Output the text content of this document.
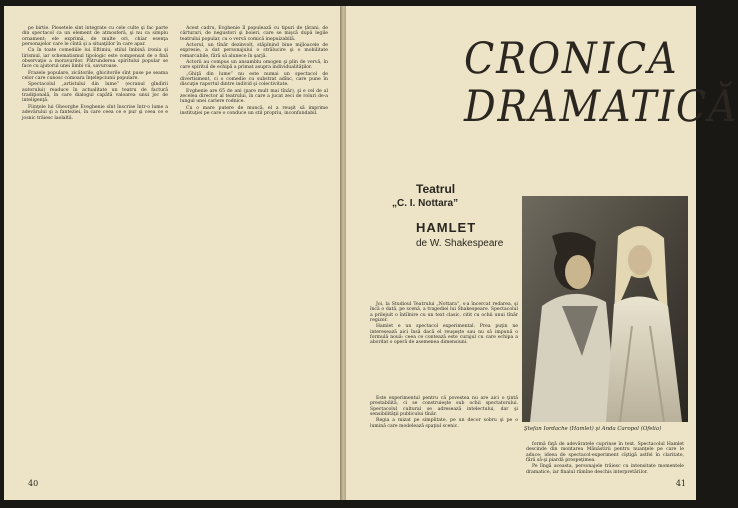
pe birtie. Piesetele sint integrate cu cele culte şi fac parte din spectacol ca un element de atmosferă, şi nu ca simplu ornament; ele exprimă, de multe ori, chiar esenţa personajelor care le cîntă şi a situaţiilor în care apar.

Ca în toate comediile lui Eftimiu, stilul îmbină ironia şi lirismul, iar schematismul tipologic este compensat de o fină observaţie a moravurilor. Pătrunderea spiritului popular se face cu ajutorul unei limbi vii, savuroase.

Frazele populare, zicătorile, ghicitorile sînt puse pe seama celor care cunosc comoara înţelepciunii populare.

Spectacolul „artistului din lume” (ecranul gîndirii autorului) readuce în actualitate un teatru de factură tradiţională, în care dialogul capătă valoarea unui joc de inteligenţă.

Fiinţele lui Gheorghe Eveghenie sînt înscrise într-o lume a adevărului şi a fanteziei, în care ceea ce e pur şi ceea ce e josnic trăiesc laolaltă.

Acest cadru, Evghenie îl populează cu tipuri de ţărani, de cărturari, de negustori şi boieri, care se mişcă după legile teatrului popular, cu o vervă comică inepuizabilă.

Actorul, un tînăr dezinvolt, stăpînind bine mijloacele de expresie, a dat personajului o strălucire şi o mobilitate remarcabile, fără să alunece în şarjă.

Actorii au compus un ansamblu omogen şi plin de vervă, în care spiritul de echipă a primat asupra individualităţilor.

„Ghiţă din lume” nu este numai un spectacol de divertisment, ci o comedie cu substrat adînc, care pune în discuţie raportul dintre individ şi colectivitate.

Evghenie are 65 de ani (pare mult mai tînăr), şi e cel de al zecelea director al teatrului, în care a jucat zeci de roluri de-a lungul unei cariere rodnice.

Cu o mare putere de muncă, el a reuşit să imprime instituţiei pe care o conduce un stil propriu, inconfundabil.

40
CRONICA
DRAMATICĂ
Teatrul
„C. I. Nottara”
HAMLET
de W. Shakespeare

Joi, la Studioul Teatrului „Nottara”, s-a încercat redarea, şi încă o dată, pe scenă, a tragediei lui Shakespeare. Spectacolul a prilejuit o întîlnire cu un text clasic, citit cu ochii unui tînăr regizor.

Hamlet e un spectacol experimental. Prea puţin ne interesează aici însă dacă el reuşeşte sau nu să impună o formulă nouă: ceea ce contează este curajul cu care echipa a abordat o operă de asemenea dimensiuni.

Este experimentul pentru că povestea nu are aici o ţintă prestabilită, ci se construieşte sub ochii spectatorului. Spectacolul cultural se adresează intelectului, dar şi sensibilităţii publicului tînăr.

Regia a mizat pe simplitate, pe un decor sobru şi pe o lumină care modelează spaţiul scenic.

formă faţă de adevăratele cuprinse în text. Spectacolul Hamlet descinde din montarea Mănăstirii pentru nuanţele pe care le aduce; ideea de spectacol-experiment cîştigă astfel în claritate, fără să-şi piardă prospeţimea.

Pe lîngă aceasta, personajele trăiesc cu intensitate momentele dramatice, iar finalul rămîne deschis interpretărilor.

Ştefan Iordache (Hamlet) şi Anda Caropol (Ofelia)
41
